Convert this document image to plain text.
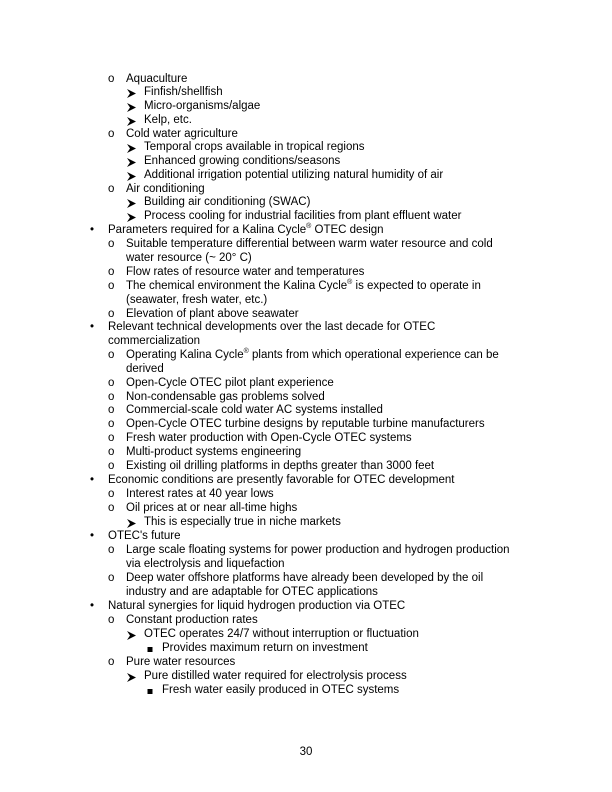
o Aquaculture
Finfish/shellfish
Micro-organisms/algae
Kelp, etc.
o Cold water agriculture
Temporal crops available in tropical regions
Enhanced growing conditions/seasons
Additional irrigation potential utilizing natural humidity of air
o Air conditioning
Building air conditioning (SWAC)
Process cooling for industrial facilities from plant effluent water
• Parameters required for a Kalina Cycle® OTEC design
o Suitable temperature differential between warm water resource and cold
water resource (~ 20° C)
o Flow rates of resource water and temperatures
o The chemical environment the Kalina Cycle® is expected to operate in
(seawater, fresh water, etc.)
o Elevation of plant above seawater
• Relevant technical developments over the last decade for OTEC
commercialization
o Operating Kalina Cycle® plants from which operational experience can be
derived
o Open-Cycle OTEC pilot plant experience
o Non-condensable gas problems solved
o Commercial-scale cold water AC systems installed
o Open-Cycle OTEC turbine designs by reputable turbine manufacturers
o Fresh water production with Open-Cycle OTEC systems
o Multi-product systems engineering
o Existing oil drilling platforms in depths greater than 3000 feet
• Economic conditions are presently favorable for OTEC development
o Interest rates at 40 year lows
o Oil prices at or near all-time highs
This is especially true in niche markets
• OTEC's future
o Large scale floating systems for power production and hydrogen production
via electrolysis and liquefaction
o Deep water offshore platforms have already been developed by the oil
industry and are adaptable for OTEC applications
• Natural synergies for liquid hydrogen production via OTEC
o Constant production rates
OTEC operates 24/7 without interruption or fluctuation
Provides maximum return on investment
o Pure water resources
Pure distilled water required for electrolysis process
Fresh water easily produced in OTEC systems
30
